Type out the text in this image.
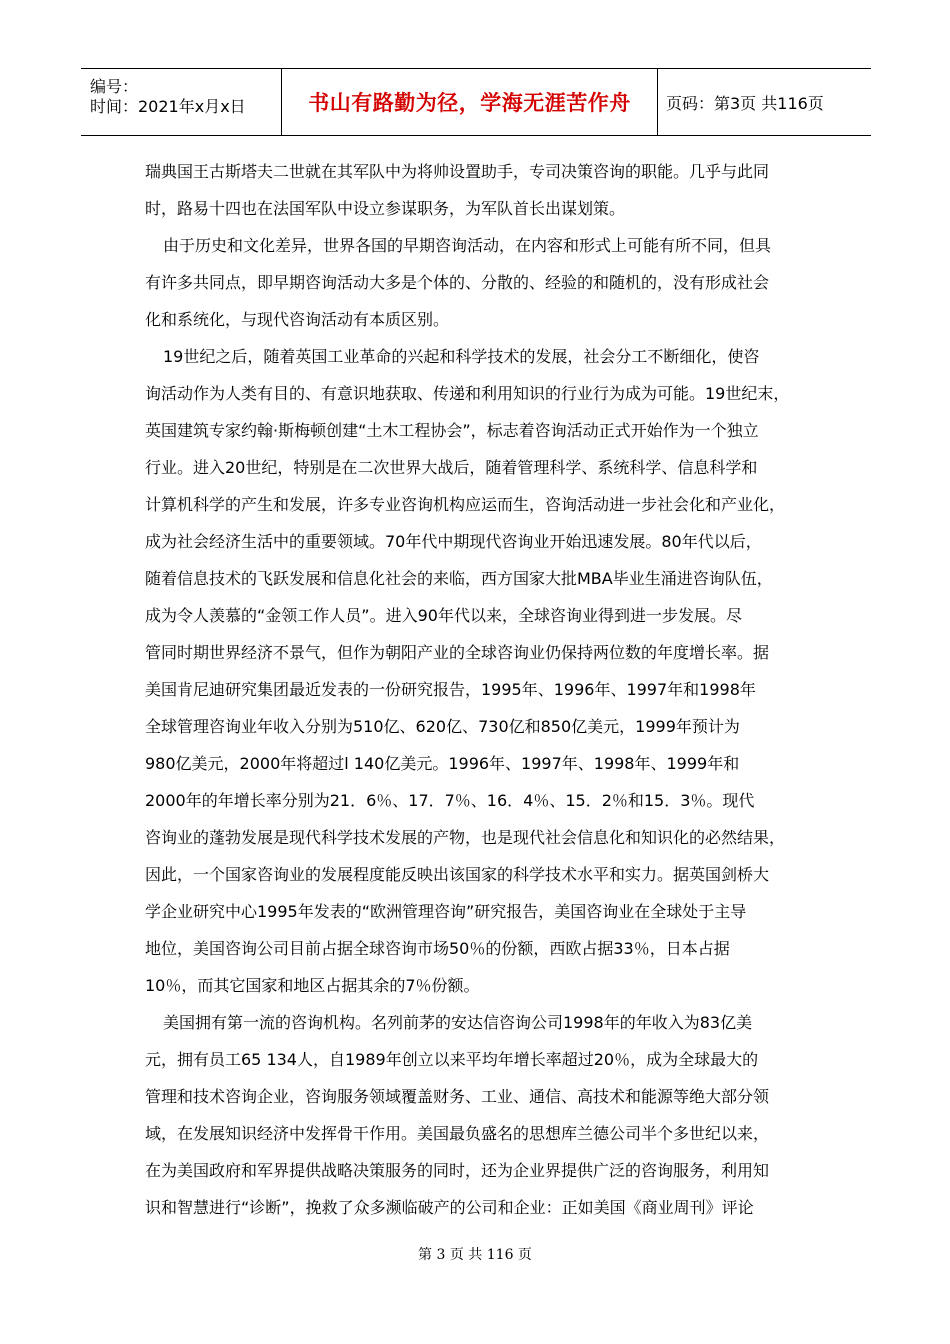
编号：
时间：2021年x月x日	书山有路勤为径，学海无涯苦作舟 页码：第3页 共116页
瑞典国王古斯塔夫二世就在其军队中为将帅设置助手，专司决策咨询的职能。几乎与此同
时，路易十四也在法国军队中设立参谋职务，为军队首长出谋划策。
由于历史和文化差异，世界各国的早期咨询活动，在内容和形式上可能有所不同，但具
有许多共同点，即早期咨询活动大多是个体的、分散的、经验的和随机的，没有形成社会
化和系统化，与现代咨询活动有本质区别。
19世纪之后，随着英国工业革命的兴起和科学技术的发展，社会分工不断细化，使咨
询活动作为人类有目的、有意识地获取、传递和利用知识的行业行为成为可能。19世纪末，
英国建筑专家约翰·斯梅顿创建“土木工程协会”，标志着咨询活动正式开始作为一个独立
行业。进入20世纪，特别是在二次世界大战后，随着管理科学、系统科学、信息科学和
计算机科学的产生和发展，许多专业咨询机构应运而生，咨询活动进一步社会化和产业化，
成为社会经济生活中的重要领域。70年代中期现代咨询业开始迅速发展。80年代以后，
随着信息技术的飞跃发展和信息化社会的来临，西方国家大批MBA毕业生涌进咨询队伍，
成为令人羡慕的“金领工作人员”。进入90年代以来，全球咨询业得到进一步发展。尽
管同时期世界经济不景气，但作为朝阳产业的全球咨询业仍保持两位数的年度增长率。据
美国肯尼迪研究集团最近发表的一份研究报告，1995年、1996年、1997年和1998年
全球管理咨询业年收入分别为510亿、620亿、730亿和850亿美元，1999年预计为
980亿美元，2000年将超过l 140亿美元。1996年、1997年、1998年、1999年和
2000年的年增长率分别为21．6％、17．7％、16．4％、15．2％和15．3％。现代
咨询业的蓬勃发展是现代科学技术发展的产物，也是现代社会信息化和知识化的必然结果，
因此，一个国家咨询业的发展程度能反映出该国家的科学技术水平和实力。据英国剑桥大
学企业研究中心1995年发表的“欧洲管理咨询”研究报告，美国咨询业在全球处于主导
地位，美国咨询公司目前占据全球咨询市场50％的份额，西欧占据33％，日本占据
10％，而其它国家和地区占据其余的7％份额。
美国拥有第一流的咨询机构。名列前茅的安达信咨询公司1998年的年收入为83亿美
元，拥有员工65 134人，自1989年创立以来平均年增长率超过20％，成为全球最大的
管理和技术咨询企业，咨询服务领域覆盖财务、工业、通信、高技术和能源等绝大部分领
域，在发展知识经济中发挥骨干作用。美国最负盛名的思想库兰德公司半个多世纪以来，
在为美国政府和军界提供战略决策服务的同时，还为企业界提供广泛的咨询服务，利用知
识和智慧进行“诊断”，挽救了众多濒临破产的公司和企业：正如美国《商业周刊》评论
第 3 页 共 116 页
